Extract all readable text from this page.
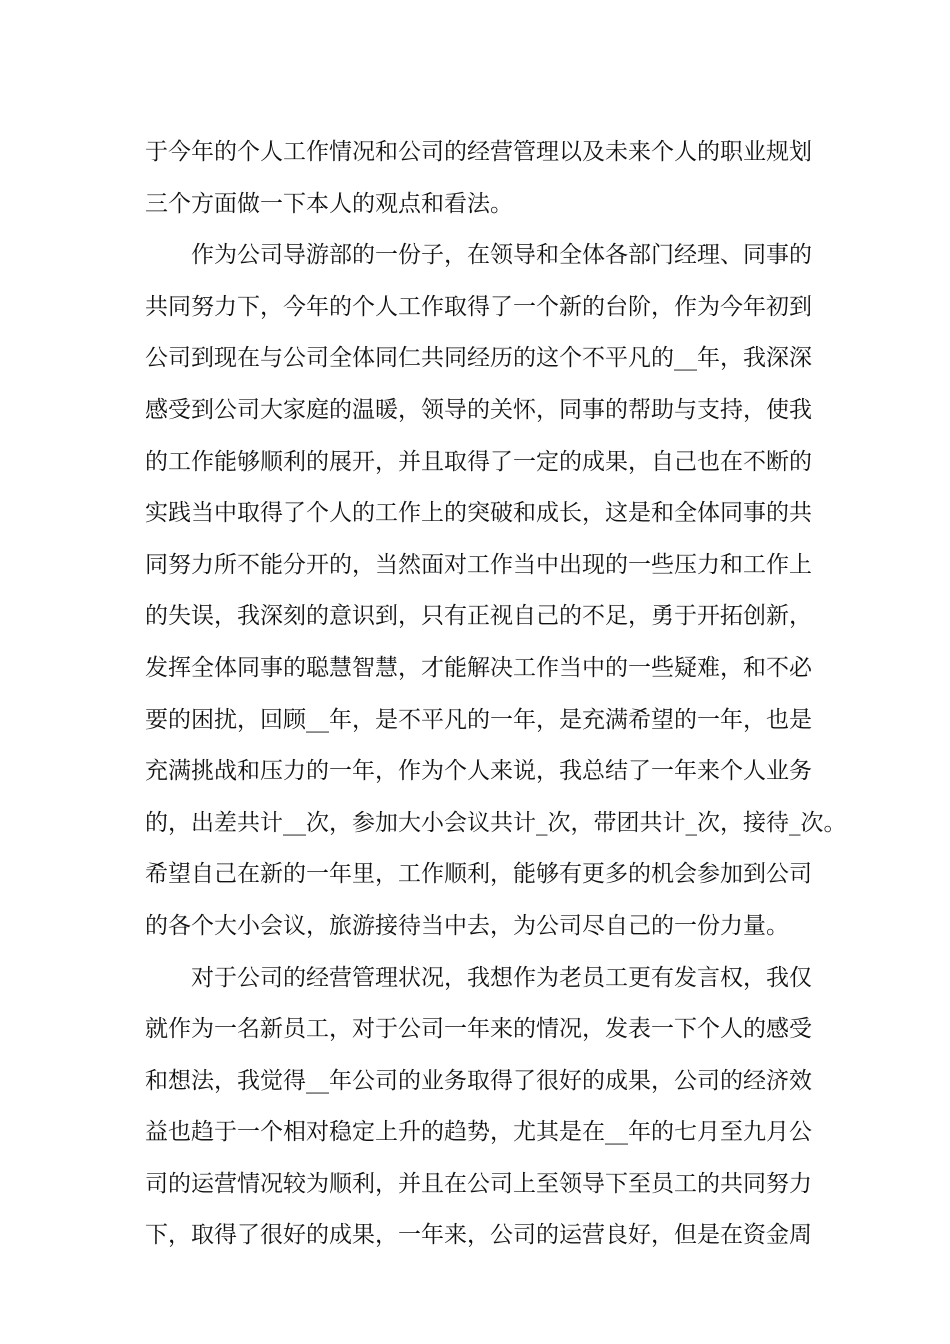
于今年的个人工作情况和公司的经营管理以及未来个人的职业规划
三个方面做一下本人的观点和看法。
作为公司导游部的一份子，在领导和全体各部门经理、同事的
共同努力下，今年的个人工作取得了一个新的台阶，作为今年初到
公司到现在与公司全体同仁共同经历的这个不平凡的__年，我深深
感受到公司大家庭的温暖，领导的关怀，同事的帮助与支持，使我
的工作能够顺利的展开，并且取得了一定的成果，自己也在不断的
实践当中取得了个人的工作上的突破和成长，这是和全体同事的共
同努力所不能分开的，当然面对工作当中出现的一些压力和工作上
的失误，我深刻的意识到，只有正视自己的不足，勇于开拓创新，
发挥全体同事的聪慧智慧，才能解决工作当中的一些疑难，和不必
要的困扰，回顾__年，是不平凡的一年，是充满希望的一年，也是
充满挑战和压力的一年，作为个人来说，我总结了一年来个人业务
的，出差共计__次，参加大小会议共计_次，带团共计_次，接待_次。
希望自己在新的一年里，工作顺利，能够有更多的机会参加到公司
的各个大小会议，旅游接待当中去，为公司尽自己的一份力量。
对于公司的经营管理状况，我想作为老员工更有发言权，我仅
就作为一名新员工，对于公司一年来的情况，发表一下个人的感受
和想法，我觉得__年公司的业务取得了很好的成果，公司的经济效
益也趋于一个相对稳定上升的趋势，尤其是在__年的七月至九月公
司的运营情况较为顺利，并且在公司上至领导下至员工的共同努力
下，取得了很好的成果，一年来，公司的运营良好，但是在资金周
